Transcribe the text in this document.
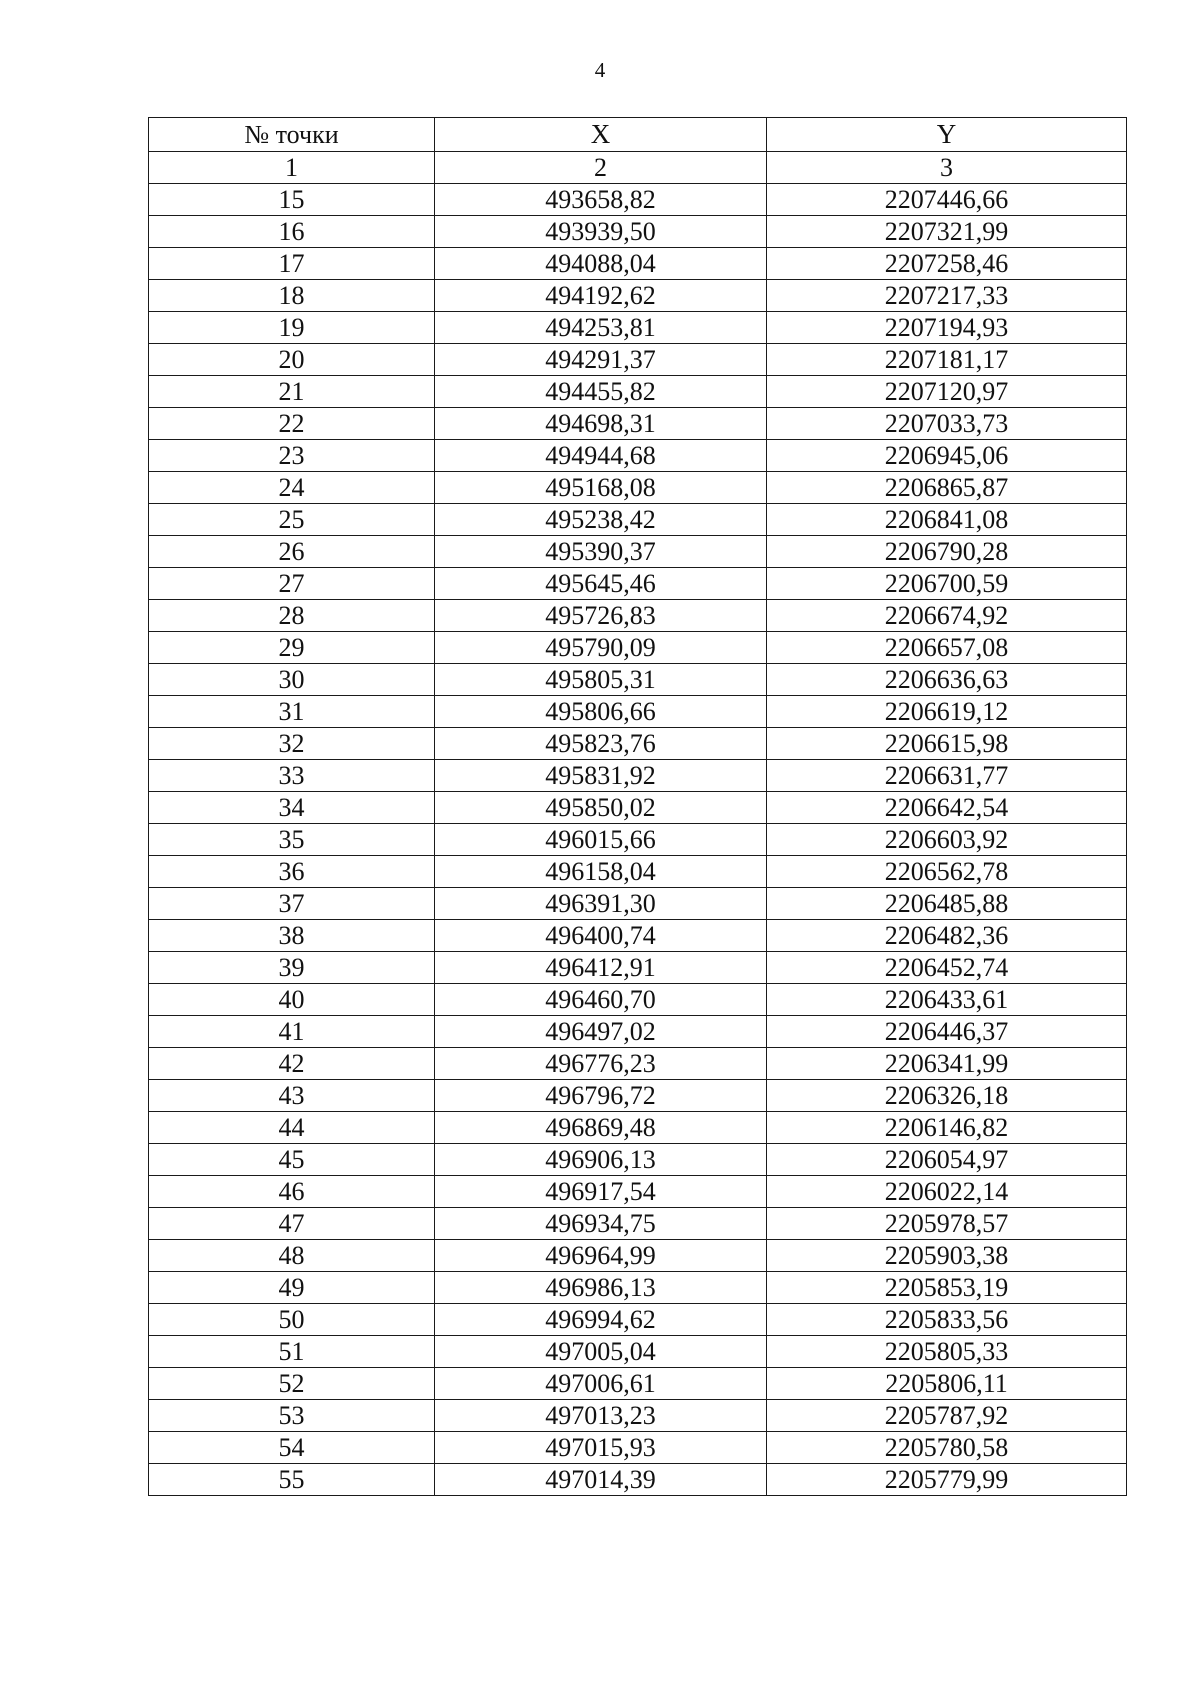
4
№ точки	X	Y
1	2	3
15	493658,82	2207446,66
16	493939,50	2207321,99
17	494088,04	2207258,46
18	494192,62	2207217,33
19	494253,81	2207194,93
20	494291,37	2207181,17
21	494455,82	2207120,97
22	494698,31	2207033,73
23	494944,68	2206945,06
24	495168,08	2206865,87
25	495238,42	2206841,08
26	495390,37	2206790,28
27	495645,46	2206700,59
28	495726,83	2206674,92
29	495790,09	2206657,08
30	495805,31	2206636,63
31	495806,66	2206619,12
32	495823,76	2206615,98
33	495831,92	2206631,77
34	495850,02	2206642,54
35	496015,66	2206603,92
36	496158,04	2206562,78
37	496391,30	2206485,88
38	496400,74	2206482,36
39	496412,91	2206452,74
40	496460,70	2206433,61
41	496497,02	2206446,37
42	496776,23	2206341,99
43	496796,72	2206326,18
44	496869,48	2206146,82
45	496906,13	2206054,97
46	496917,54	2206022,14
47	496934,75	2205978,57
48	496964,99	2205903,38
49	496986,13	2205853,19
50	496994,62	2205833,56
51	497005,04	2205805,33
52	497006,61	2205806,11
53	497013,23	2205787,92
54	497015,93	2205780,58
55	497014,39	2205779,99
